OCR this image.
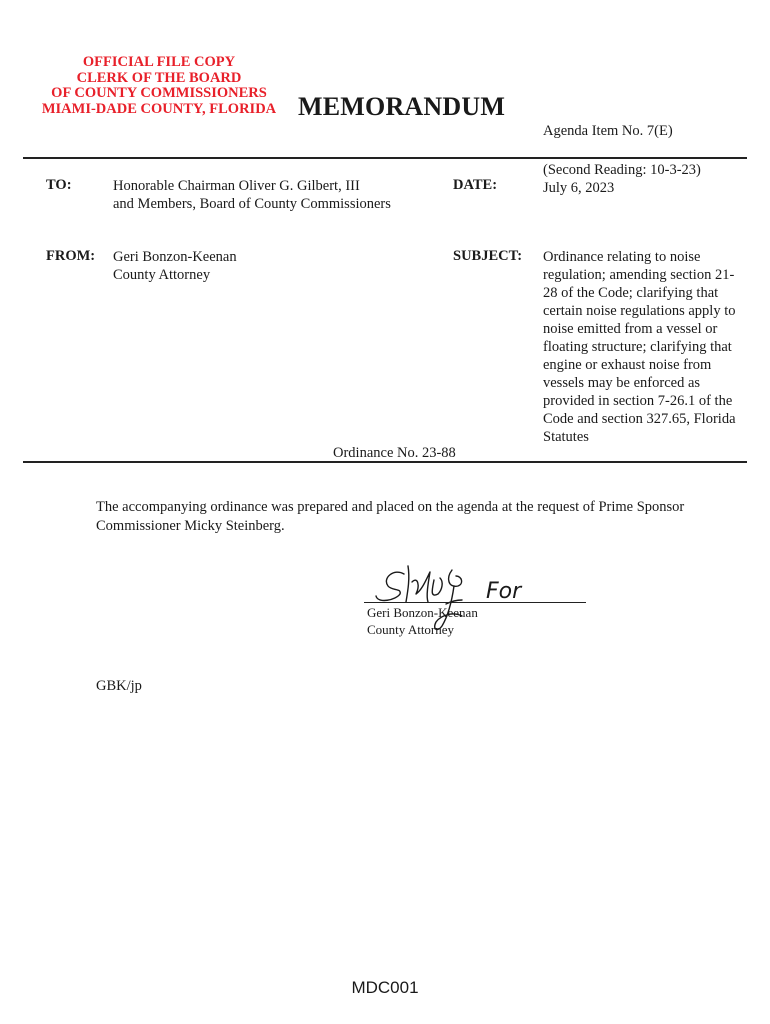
OFFICIAL FILE COPY
CLERK OF THE BOARD
OF COUNTY COMMISSIONERS
MIAMI-DADE COUNTY, FLORIDA MEMORANDUM
Agenda Item No. 7(E)
TO:	Honorable Chairman Oliver G. Gilbert, III
and Members, Board of County Commissioners
DATE:
(Second Reading: 10-3-23)
July 6, 2023
FROM: Geri Bonzon-Keenan
County Attorney
SUBJECT: Ordinance relating to noise regulation; amending section 21-28 of the Code; clarifying that certain noise regulations apply to noise emitted from a vessel or floating structure; clarifying that engine or exhaust noise from vessels may be enforced as provided in section 7-26.1 of the Code and section 327.65, Florida Statutes
Ordinance No. 23-88
The accompanying ordinance was prepared and placed on the agenda at the request of Prime Sponsor Commissioner Micky Steinberg.
For
Geri Bonzon-Keenan
County Attorney
GBK/jp
MDC001
